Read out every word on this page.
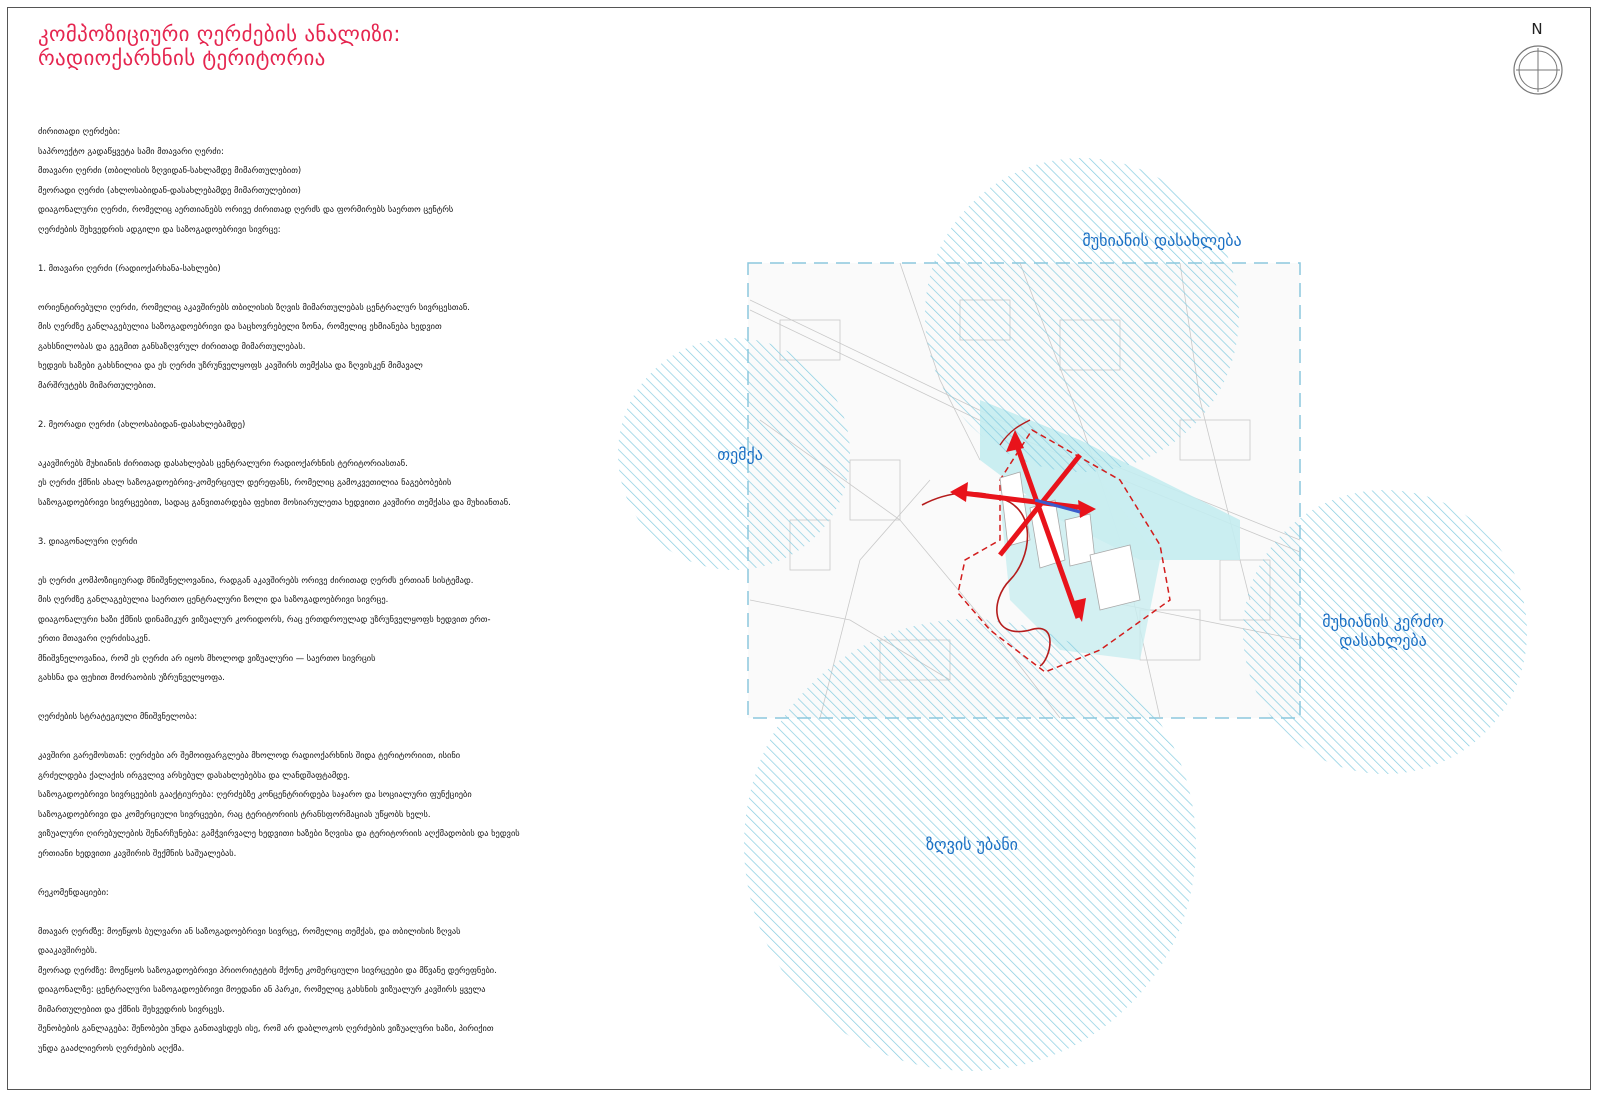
კომპოზიციური ღერძების ანალიზი:
რადიოქარხნის ტერიტორია

ძირითადი ღერძები:

საპროექტო გადაწყვეტა სამი მთავარი ღერძი:

მთავარი ღერძი (თბილისის ზღვიდან-სახლამდე მიმართულებით)

მეორადი ღერძი (ახლოსაბიდან-დასახლებამდე მიმართულებით)

დიაგონალური ღერძი, რომელიც აერთიანებს ორივე ძირითად ღერძს და ფორმირებს საერთო ცენტრს

ღერძების შეხვედრის ადგილი და საზოგადოებრივი სივრცე:

1. მთავარი ღერძი (რადიოქარხანა-სახლები)

ორიენტირებული ღერძი, რომელიც აკავშირებს თბილისის ზღვის მიმართულებას ცენტრალურ სივრცესთან.

მის ღერძზე განლაგებულია საზოგადოებრივი და საცხოვრებელი ზონა, რომელიც ეხმიანება ხედვით

გახსნილობას და გეგმით განსაზღვრულ ძირითად მიმართულებას.

ხედვის ხაზები გახსნილია და ეს ღერძი უზრუნველყოფს კავშირს თემქასა და ზღვისკენ მიმავალ

მარშრუტებს მიმართულებით.

2. მეორადი ღერძი (ახლოსაბიდან-დასახლებამდე)

აკავშირებს მუხიანის ძირითად დასახლებას ცენტრალური რადიოქარხნის ტერიტორიასთან.

ეს ღერძი ქმნის ახალ საზოგადოებრივ-კომერციულ დერეფანს, რომელიც გამოკვეთილია ნაგებობების

საზოგადოებრივი სივრცეებით, სადაც განვითარდება ფეხით მოსიარულეთა ხედვითი კავშირი თემქასა და მუხიანთან.

3. დიაგონალური ღერძი

ეს ღერძი კომპოზიციურად მნიშვნელოვანია, რადგან აკავშირებს ორივე ძირითად ღერძს ერთიან სისტემად.

მის ღერძზე განლაგებულია საერთო ცენტრალური ზოლი და საზოგადოებრივი სივრცე.

დიაგონალური ხაზი ქმნის დინამიკურ ვიზუალურ კორიდორს, რაც ერთდროულად უზრუნველყოფს ხედვით ერთ-

ერთი მთავარი ღერძისაკენ.

მნიშვნელოვანია, რომ ეს ღერძი არ იყოს მხოლოდ ვიზუალური — საერთო სივრცის

გახსნა და ფეხით მოძრაობის უზრუნველყოფა.

ღერძების სტრატეგიული მნიშვნელობა:

კავშირი გარემოსთან: ღერძები არ შემოიფარგლება მხოლოდ რადიოქარხნის შიდა ტერიტორიით, ისინი

გრძელდება ქალაქის ირგვლივ არსებულ დასახლებებსა და ლანდშაფტამდე.

საზოგადოებრივი სივრცეების გააქტიურება: ღერძებზე კონცენტრირდება საჯარო და სოციალური ფუნქციები

საზოგადოებრივი და კომერციული სივრცეები, რაც ტერიტორიის ტრანსფორმაციას უწყობს ხელს.

ვიზუალური ღირებულების შენარჩუნება: გამჭვირვალე ხედვითი ხაზები ზღვისა და ტერიტორიის აღქმადობის და ხედვის

ერთიანი ხედვითი კავშირის შექმნის საშუალებას.

რეკომენდაციები:

მთავარ ღერძზე: მოეწყოს ბულვარი ან საზოგადოებრივი სივრცე, რომელიც თემქას, და თბილისის ზღვას

დააკავშირებს.

მეორად ღერძზე: მოეწყოს საზოგადოებრივი პრიორიტეტის მქონე კომერციული სივრცეები და მწვანე დერეფნები.

დიაგონალზე: ცენტრალური საზოგადოებრივი მოედანი ან პარკი, რომელიც გახსნის ვიზუალურ კავშირს ყველა

მიმართულებით და ქმნის შეხვედრის სივრცეს.

შენობების განლაგება: შენობები უნდა განთავსდეს ისე, რომ არ დაბლოკოს ღერძების ვიზუალური ხაზი, პირიქით

უნდა გააძლიეროს ღერძების აღქმა.

N
მუხიანის დასახლება
თემქა
მუხიანის კერძო
დასახლება
ზღვის უბანი
